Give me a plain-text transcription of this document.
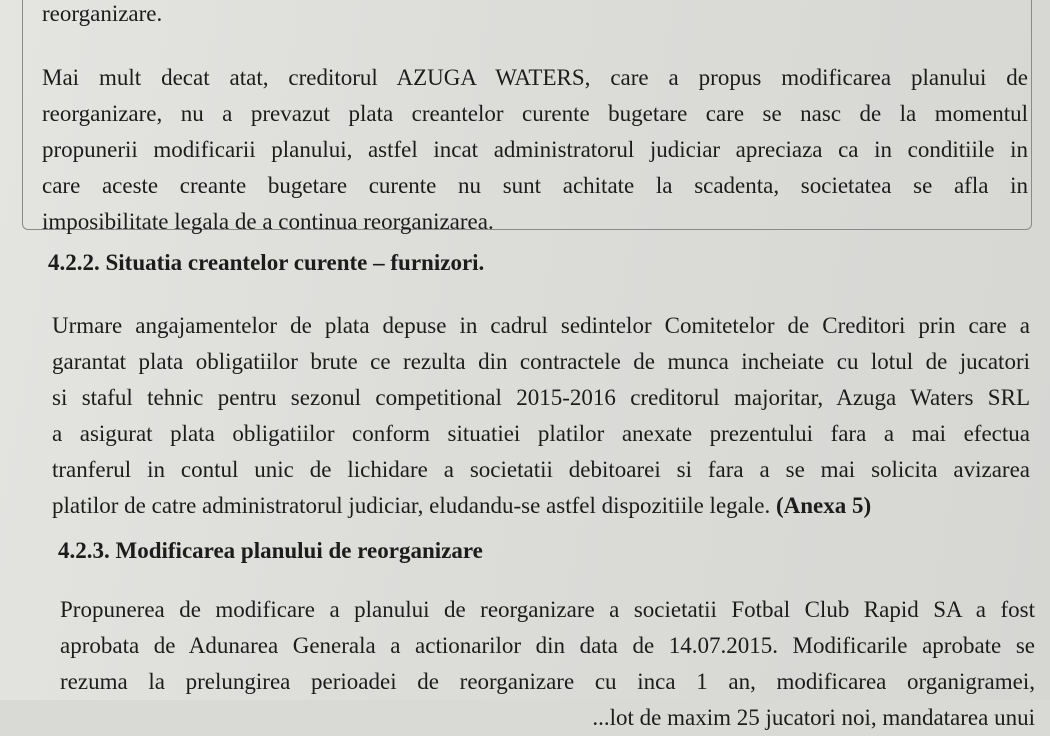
reorganizare.
Mai mult decat atat, creditorul AZUGA WATERS, care a propus modificarea planului de
reorganizare, nu a prevazut plata creantelor curente bugetare care se nasc de la momentul
propunerii modificarii planului, astfel incat administratorul judiciar apreciaza ca in conditiile in
care aceste creante bugetare curente nu sunt achitate la scadenta, societatea se afla in
imposibilitate legala de a continua reorganizarea.
4.2.2. Situatia creantelor curente – furnizori.
Urmare angajamentelor de plata depuse in cadrul sedintelor Comitetelor de Creditori prin care a
garantat plata obligatiilor brute ce rezulta din contractele de munca incheiate cu lotul de jucatori
si staful tehnic pentru sezonul competitional 2015-2016 creditorul majoritar, Azuga Waters SRL
a asigurat plata obligatiilor conform situatiei platilor anexate prezentului fara a mai efectua
tranferul in contul unic de lichidare a societatii debitoarei si fara a se mai solicita avizarea
platilor de catre administratorul judiciar, eludandu-se astfel dispozitiile legale. (Anexa 5)
4.2.3. Modificarea planului de reorganizare
Propunerea de modificare a planului de reorganizare a societatii Fotbal Club Rapid SA a fost
aprobata de Adunarea Generala a actionarilor din data de 14.07.2015. Modificarile aprobate se
rezuma la prelungirea perioadei de reorganizare cu inca 1 an, modificarea organigramei,
...lot de maxim 25 jucatori noi, mandatarea unui
